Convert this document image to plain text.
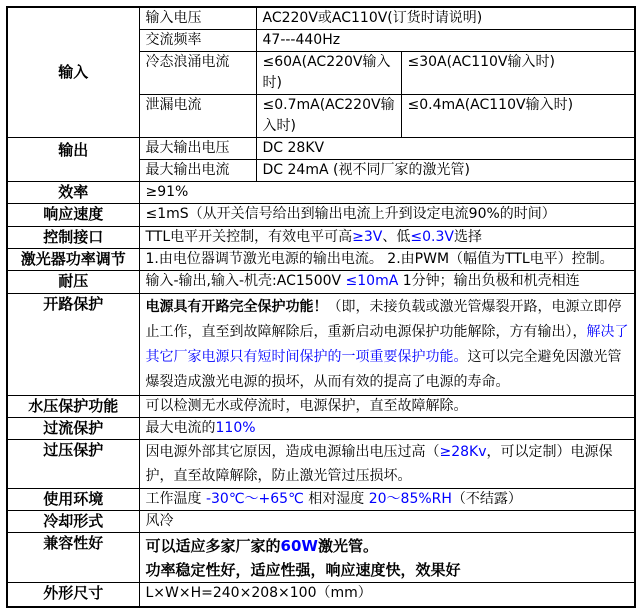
输入	输入电压	AC220V或AC110V(订货时请说明)	
	交流频率	47---440Hz	
	冷态浪涌电流	≤60A(AC220V输入时)	≤30A(AC110V输入时)
	泄漏电流	≤0.7mA(AC220V输入时)	≤0.4mA(AC110V输入时)
输出	最大输出电压	DC 28KV	
	最大输出电流	DC 24mA (视不同厂家的激光管)	
效率	≥91%		
响应速度	≤1mS（从开关信号给出到输出电流上升到设定电流90%的时间）		
控制接口	TTL电平开关控制，有效电平可高≥3V、低≤0.3V选择		
激光器功率调节	1.由电位器调节激光电源的输出电流。 2.由PWM（幅值为TTL电平）控制。		
耐压	输入-输出,输入-机壳:AC1500V ≤10mA 1分钟；输出负极和机壳相连		
开路保护	电源具有开路完全保护功能！（即，未接负载或激光管爆裂开路，电源立即停止工作，直至到故障解除后，重新启动电源保护功能解除，方有输出），解决了其它厂家电源只有短时间保护的一项重要保护功能。这可以完全避免因激光管爆裂造成激光电源的损坏，从而有效的提高了电源的寿命。		
水压保护功能	可以检测无水或停流时，电源保护，直至故障解除。		
过流保护	最大电流的110%		
过压保护	因电源外部其它原因，造成电源输出电压过高（≥28Kv，可以定制）电源保护，直至故障解除，防止激光管过压损坏。		
使用环境	工作温度 -30℃～+65℃ 相对湿度 20～85%RH（不结露）		
冷却形式	风冷		
兼容性好	可以适应多家厂家的60W激光管。
功率稳定性好，适应性强，响应速度快，效果好		

外形尺寸	L×W×H=240×208×100（mm）		
